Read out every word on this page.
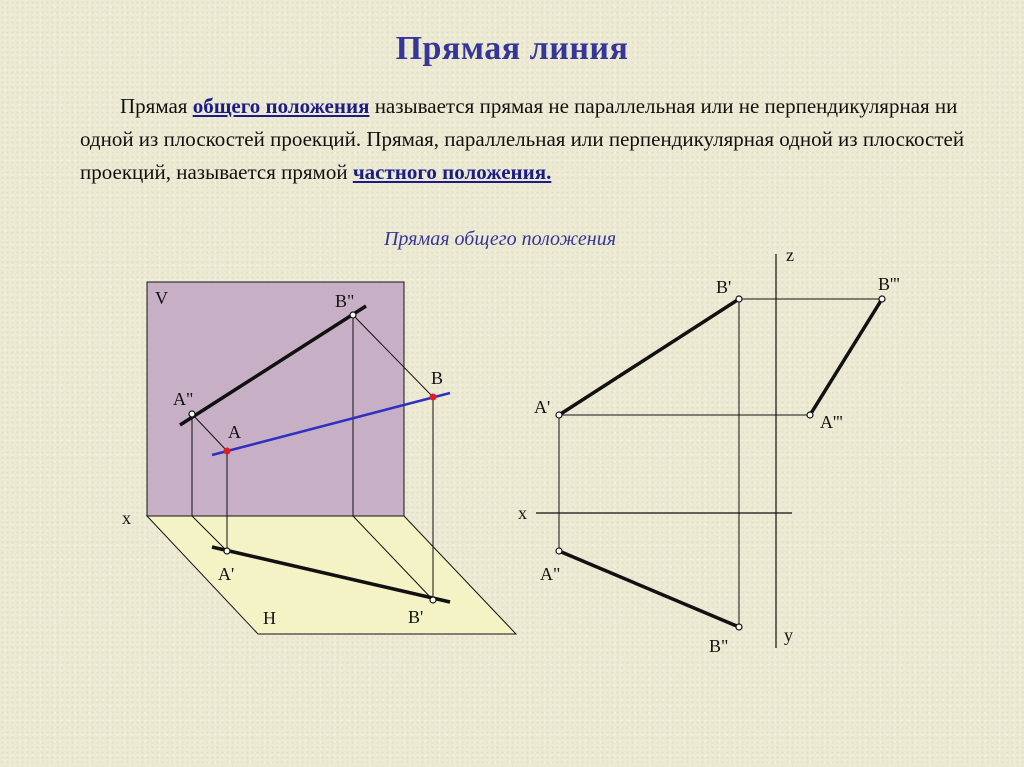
Прямая линия
Прямая общего положения называется прямая не параллельная или не перпендикулярная ни одной из плоскостей проекций. Прямая, параллельная или перпендикулярная одной из плоскостей проекций, называется прямой частного положения.
Прямая общего положения
V
x
H
A"
B"
A
B
A'
B'
z
x
y
B'
A'
B'''
A'''
A"
B"
